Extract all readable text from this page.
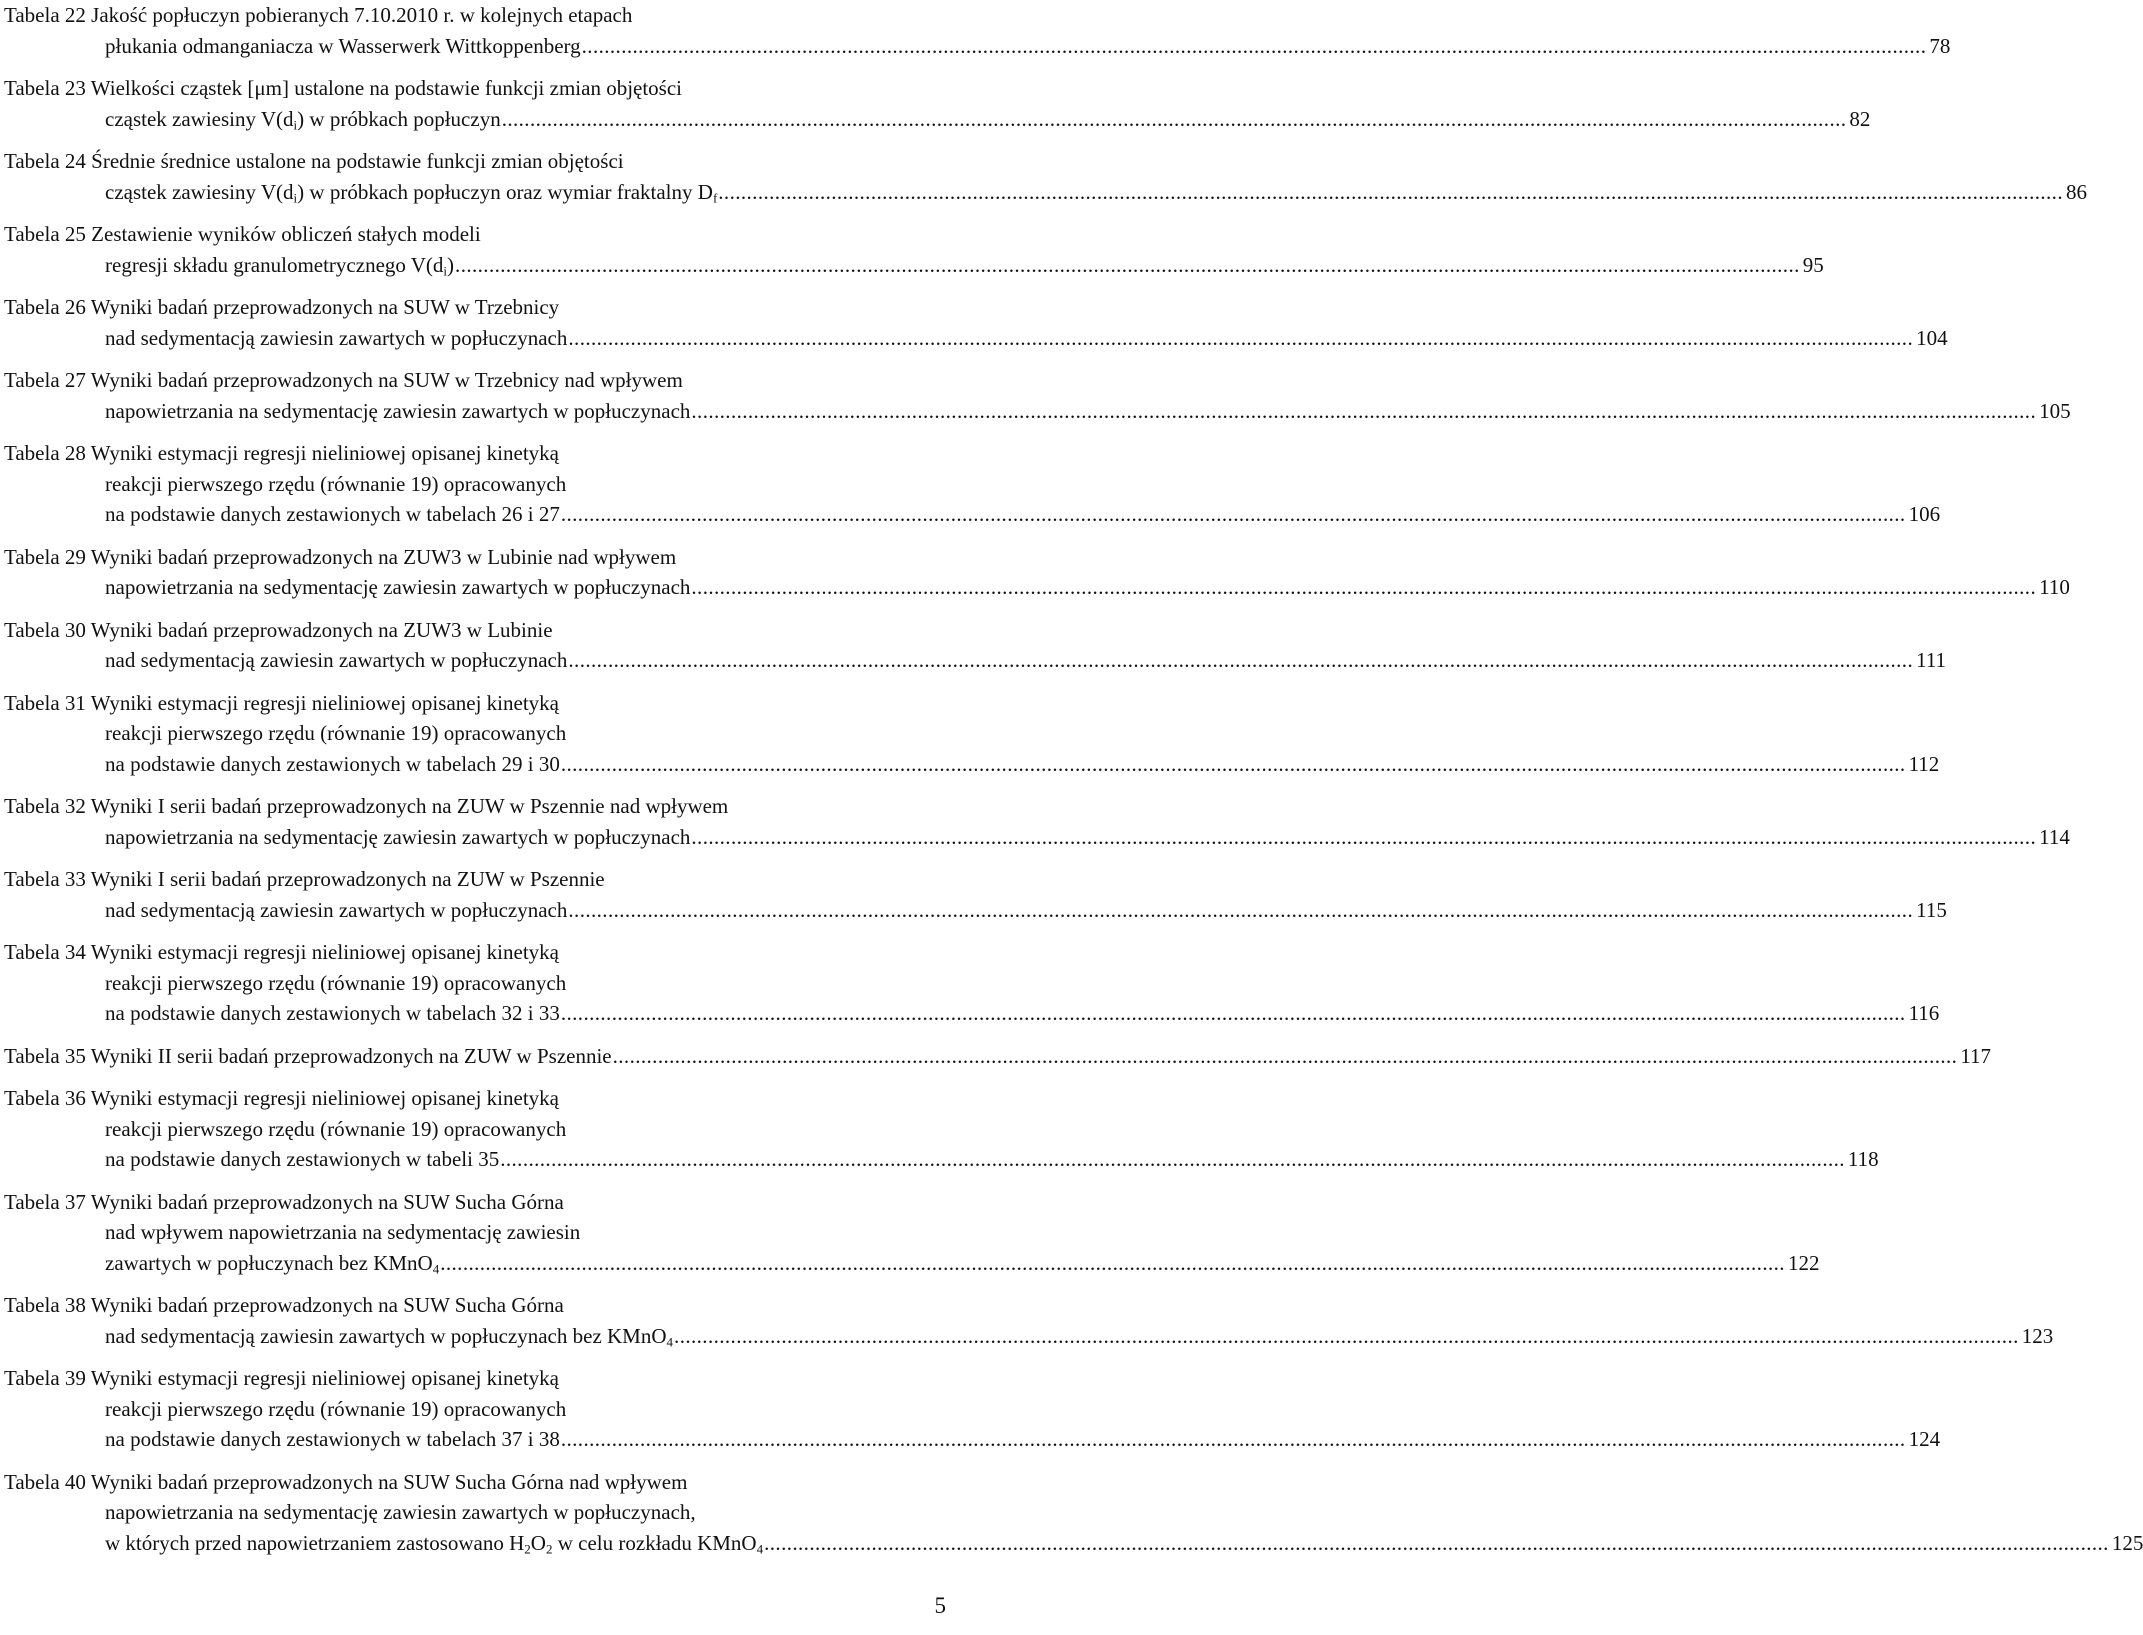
Tabela 22 Jakość popłuczyn pobieranych 7.10.2010 r. w kolejnych etapach
płukania odmanganiacza w Wasserwerk Wittkoppenberg .....	78
Tabela 23 Wielkości cząstek [μm] ustalone na podstawie funkcji zmian objętości
cząstek zawiesiny $V(d_i)$ w próbkach popłuczyn .....	82
Tabela 24 Średnie średnice ustalone na podstawie funkcji zmian objętości
cząstek zawiesiny $V(d_i)$ w próbkach popłuczyn oraz wymiar fraktalny $D_f$ .....	86
Tabela 25 Zestawienie wyników obliczeń stałych modeli
regresji składu granulometrycznego $V(d_i)$ .....	95
Tabela 26 Wyniki badań przeprowadzonych na SUW w Trzebnicy
nad sedymentacją zawiesin zawartych w popłuczynach .....	104
Tabela 27 Wyniki badań przeprowadzonych na SUW w Trzebnicy nad wpływem
napowietrzania na sedymentację zawiesin zawartych w popłuczynach .....	105
Tabela 28 Wyniki estymacji regresji nieliniowej opisanej kinetyką
reakcji pierwszego rzędu (równanie 19) opracowanych
na podstawie danych zestawionych w tabelach 26 i 27 .....	106
Tabela 29 Wyniki badań przeprowadzonych na ZUW3 w Lubinie nad wpływem
napowietrzania na sedymentację zawiesin zawartych w popłuczynach .....	110
Tabela 30 Wyniki badań przeprowadzonych na ZUW3 w Lubinie
nad sedymentacją zawiesin zawartych w popłuczynach .....	111
Tabela 31 Wyniki estymacji regresji nieliniowej opisanej kinetyką
reakcji pierwszego rzędu (równanie 19) opracowanych
na podstawie danych zestawionych w tabelach 29 i 30 .....	112
Tabela 32 Wyniki I serii badań przeprowadzonych na ZUW w Pszennie nad wpływem
napowietrzania na sedymentację zawiesin zawartych w popłuczynach .....	114
Tabela 33 Wyniki I serii badań przeprowadzonych na ZUW w Pszennie
nad sedymentacją zawiesin zawartych w popłuczynach .....	115
Tabela 34 Wyniki estymacji regresji nieliniowej opisanej kinetyką
reakcji pierwszego rzędu (równanie 19) opracowanych
na podstawie danych zestawionych w tabelach 32 i 33 .....	116
Tabela 35 Wyniki II serii badań przeprowadzonych na ZUW w Pszennie .....	117
Tabela 36 Wyniki estymacji regresji nieliniowej opisanej kinetyką
reakcji pierwszego rzędu (równanie 19) opracowanych
na podstawie danych zestawionych w tabeli 35 .....	118
Tabela 37 Wyniki badań przeprowadzonych na SUW Sucha Górna
nad wpływem napowietrzania na sedymentację zawiesin
zawartych w popłuczynach bez KMnO$_4$ .....	122
Tabela 38 Wyniki badań przeprowadzonych na SUW Sucha Górna
nad sedymentacją zawiesin zawartych w popłuczynach bez KMnO$_4$ .....	123
Tabela 39 Wyniki estymacji regresji nieliniowej opisanej kinetyką
reakcji pierwszego rzędu (równanie 19) opracowanych
na podstawie danych zestawionych w tabelach 37 i 38 .....	124
Tabela 40 Wyniki badań przeprowadzonych na SUW Sucha Górna nad wpływem
napowietrzania na sedymentację zawiesin zawartych w popłuczynach,
w których przed napowietrzaniem zastosowano $H_2O_2$ w celu rozkładu KMnO$_4$ .....	125
5
